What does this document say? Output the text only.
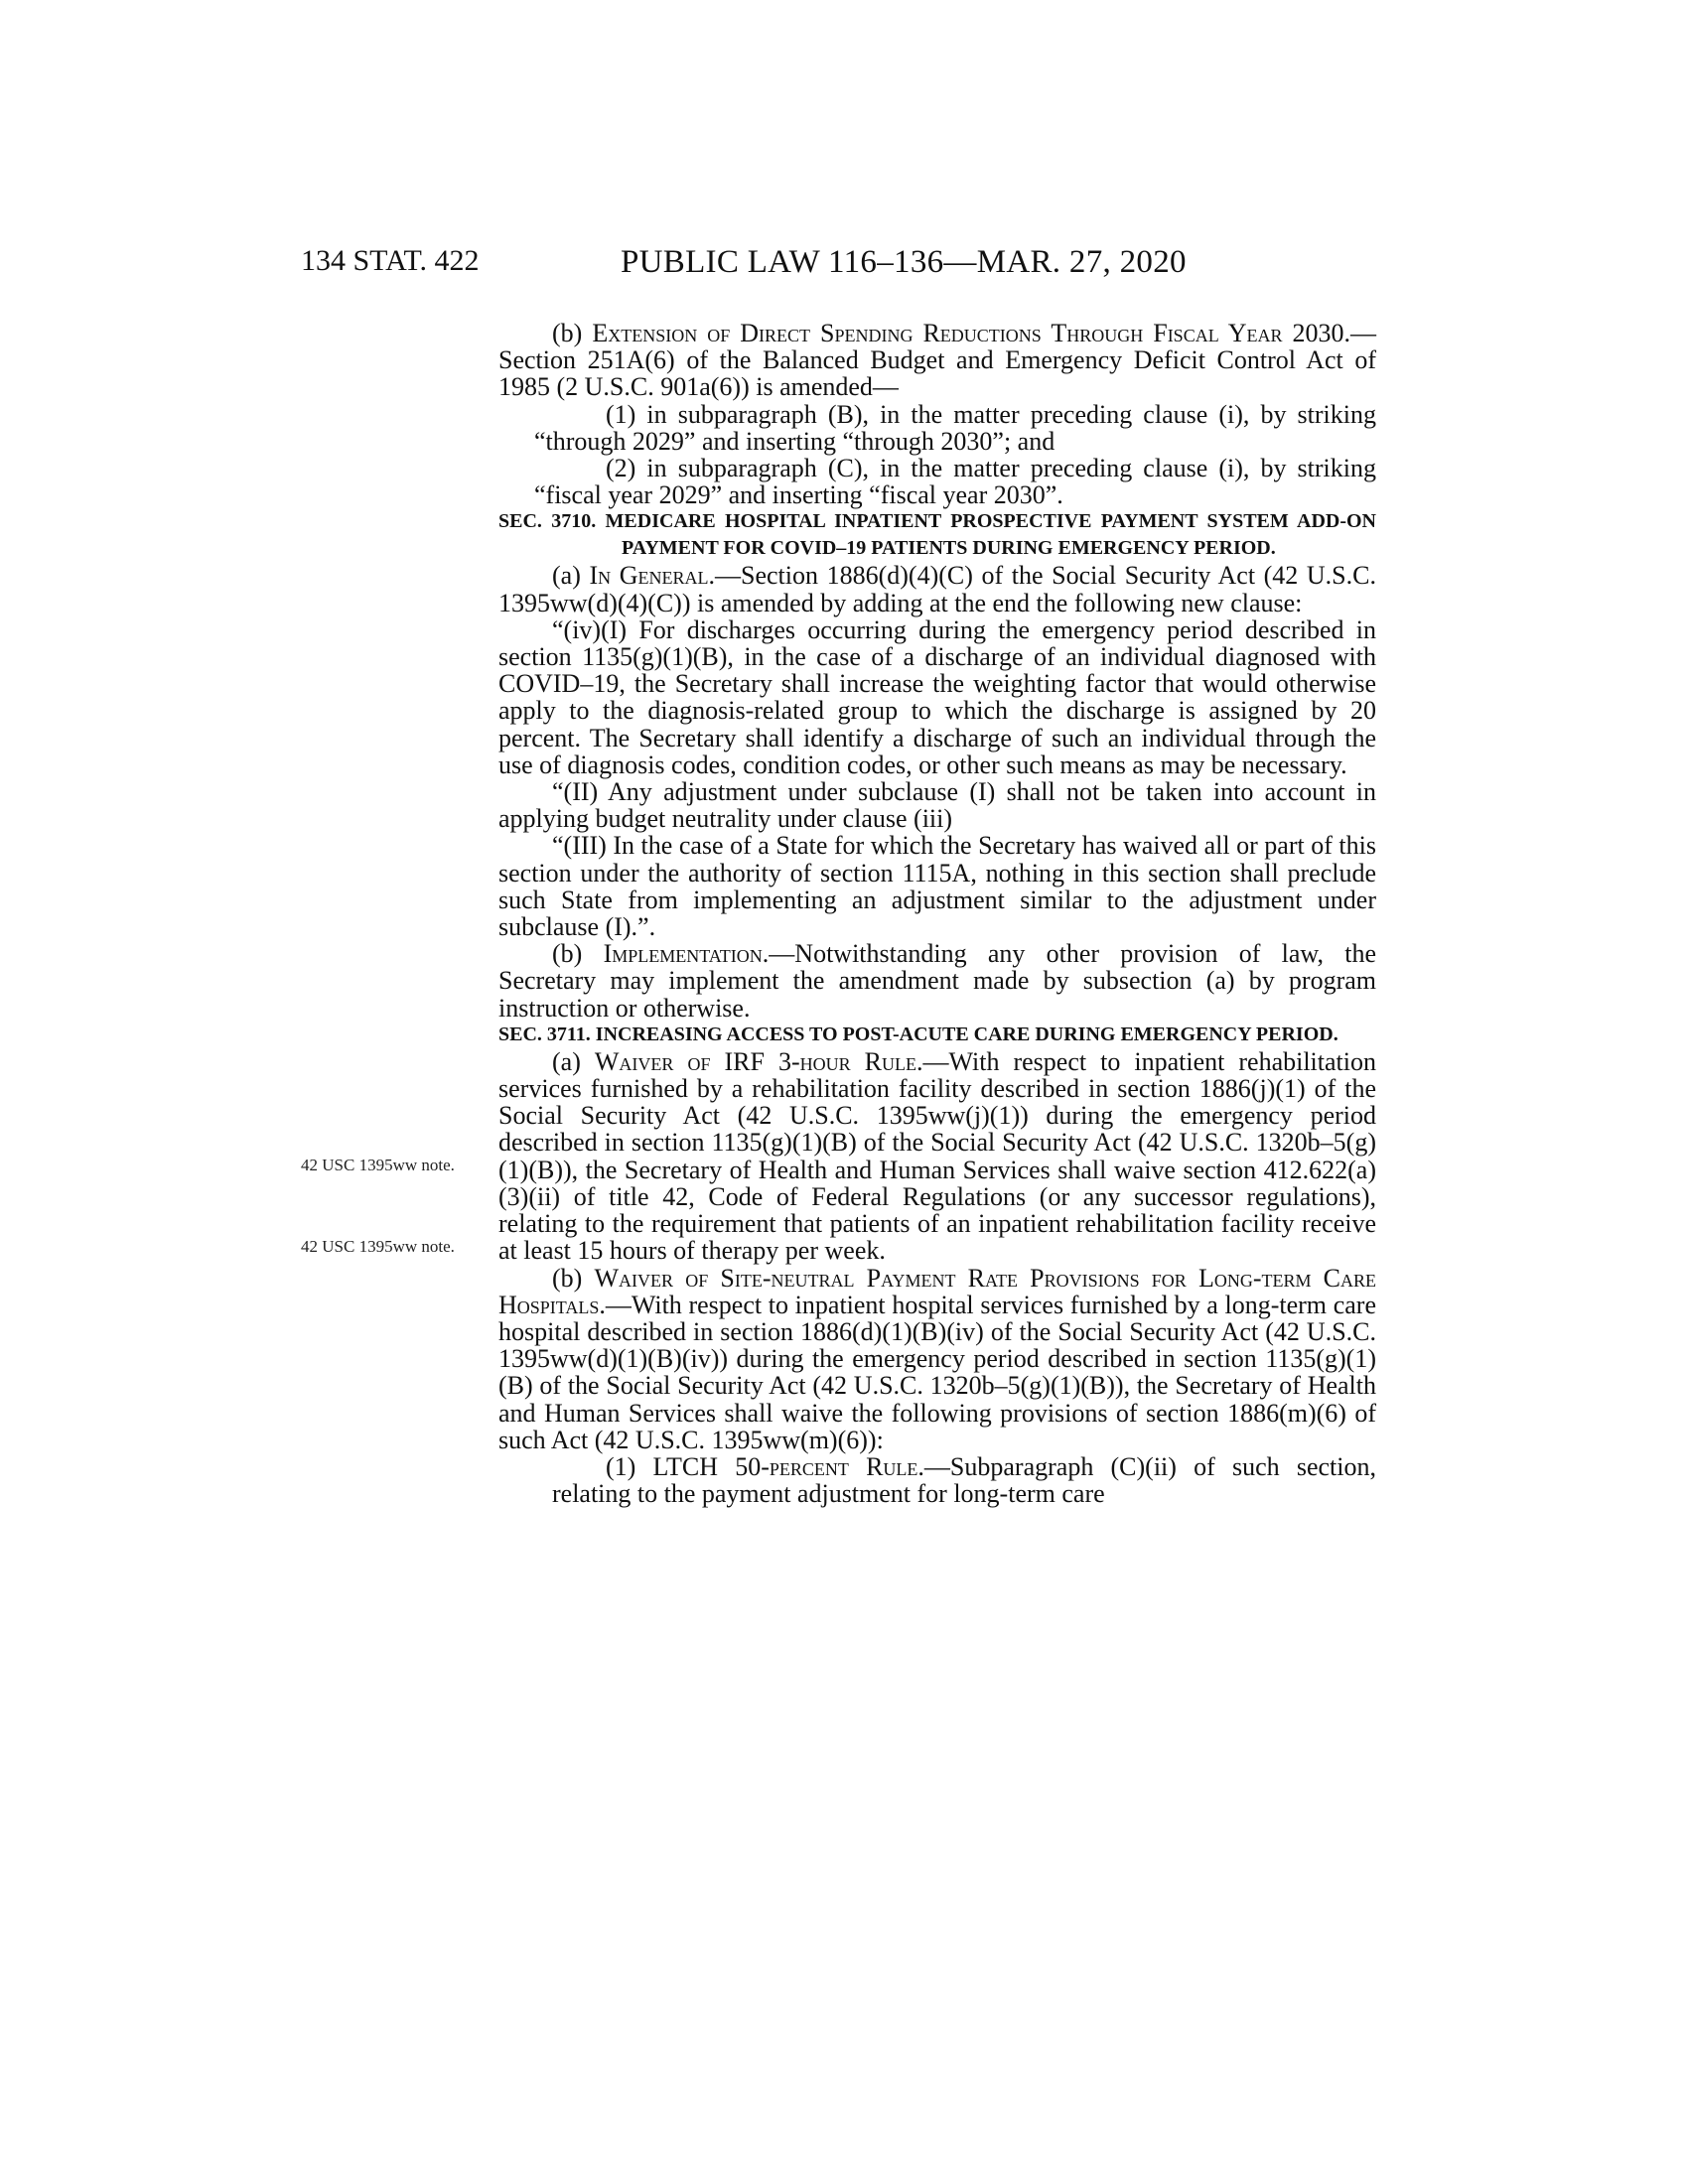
134 STAT. 422	PUBLIC LAW 116–136—MAR. 27, 2020
42 USC 1395ww note.
42 USC 1395ww note.

(b) Extension of Direct Spending Reductions Through Fiscal Year 2030.—Section 251A(6) of the Balanced Budget and Emergency Deficit Control Act of 1985 (2 U.S.C. 901a(6)) is amended—

(1) in subparagraph (B), in the matter preceding clause (i), by striking “through 2029” and inserting “through 2030”; and

(2) in subparagraph (C), in the matter preceding clause (i), by striking “fiscal year 2029” and inserting “fiscal year 2030”.

SEC. 3710. MEDICARE HOSPITAL INPATIENT PROSPECTIVE PAYMENT SYSTEM ADD-ON PAYMENT FOR COVID–19 PATIENTS DURING EMERGENCY PERIOD.

(a) In General.—Section 1886(d)(4)(C) of the Social Security Act (42 U.S.C. 1395ww(d)(4)(C)) is amended by adding at the end the following new clause:

“(iv)(I) For discharges occurring during the emergency period described in section 1135(g)(1)(B), in the case of a discharge of an individual diagnosed with COVID–19, the Secretary shall increase the weighting factor that would otherwise apply to the diagnosis-related group to which the discharge is assigned by 20 percent. The Secretary shall identify a discharge of such an individual through the use of diagnosis codes, condition codes, or other such means as may be necessary.

“(II) Any adjustment under subclause (I) shall not be taken into account in applying budget neutrality under clause (iii)

“(III) In the case of a State for which the Secretary has waived all or part of this section under the authority of section 1115A, nothing in this section shall preclude such State from implementing an adjustment similar to the adjustment under subclause (I).”.

(b) Implementation.—Notwithstanding any other provision of law, the Secretary may implement the amendment made by subsection (a) by program instruction or otherwise.

SEC. 3711. INCREASING ACCESS TO POST-ACUTE CARE DURING EMERGENCY PERIOD.

(a) Waiver of IRF 3-hour Rule.—With respect to inpatient rehabilitation services furnished by a rehabilitation facility described in section 1886(j)(1) of the Social Security Act (42 U.S.C. 1395ww(j)(1)) during the emergency period described in section 1135(g)(1)(B) of the Social Security Act (42 U.S.C. 1320b–5(g)(1)(B)), the Secretary of Health and Human Services shall waive section 412.622(a)(3)(ii) of title 42, Code of Federal Regulations (or any successor regulations), relating to the requirement that patients of an inpatient rehabilitation facility receive at least 15 hours of therapy per week.

(b) Waiver of Site-neutral Payment Rate Provisions for Long-term Care Hospitals.—With respect to inpatient hospital services furnished by a long-term care hospital described in section 1886(d)(1)(B)(iv) of the Social Security Act (42 U.S.C. 1395ww(d)(1)(B)(iv)) during the emergency period described in section 1135(g)(1)(B) of the Social Security Act (42 U.S.C. 1320b–5(g)(1)(B)), the Secretary of Health and Human Services shall waive the following provisions of section 1886(m)(6) of such Act (42 U.S.C. 1395ww(m)(6)):

(1) LTCH 50-percent Rule.—Subparagraph (C)(ii) of such section, relating to the payment adjustment for long-term care
